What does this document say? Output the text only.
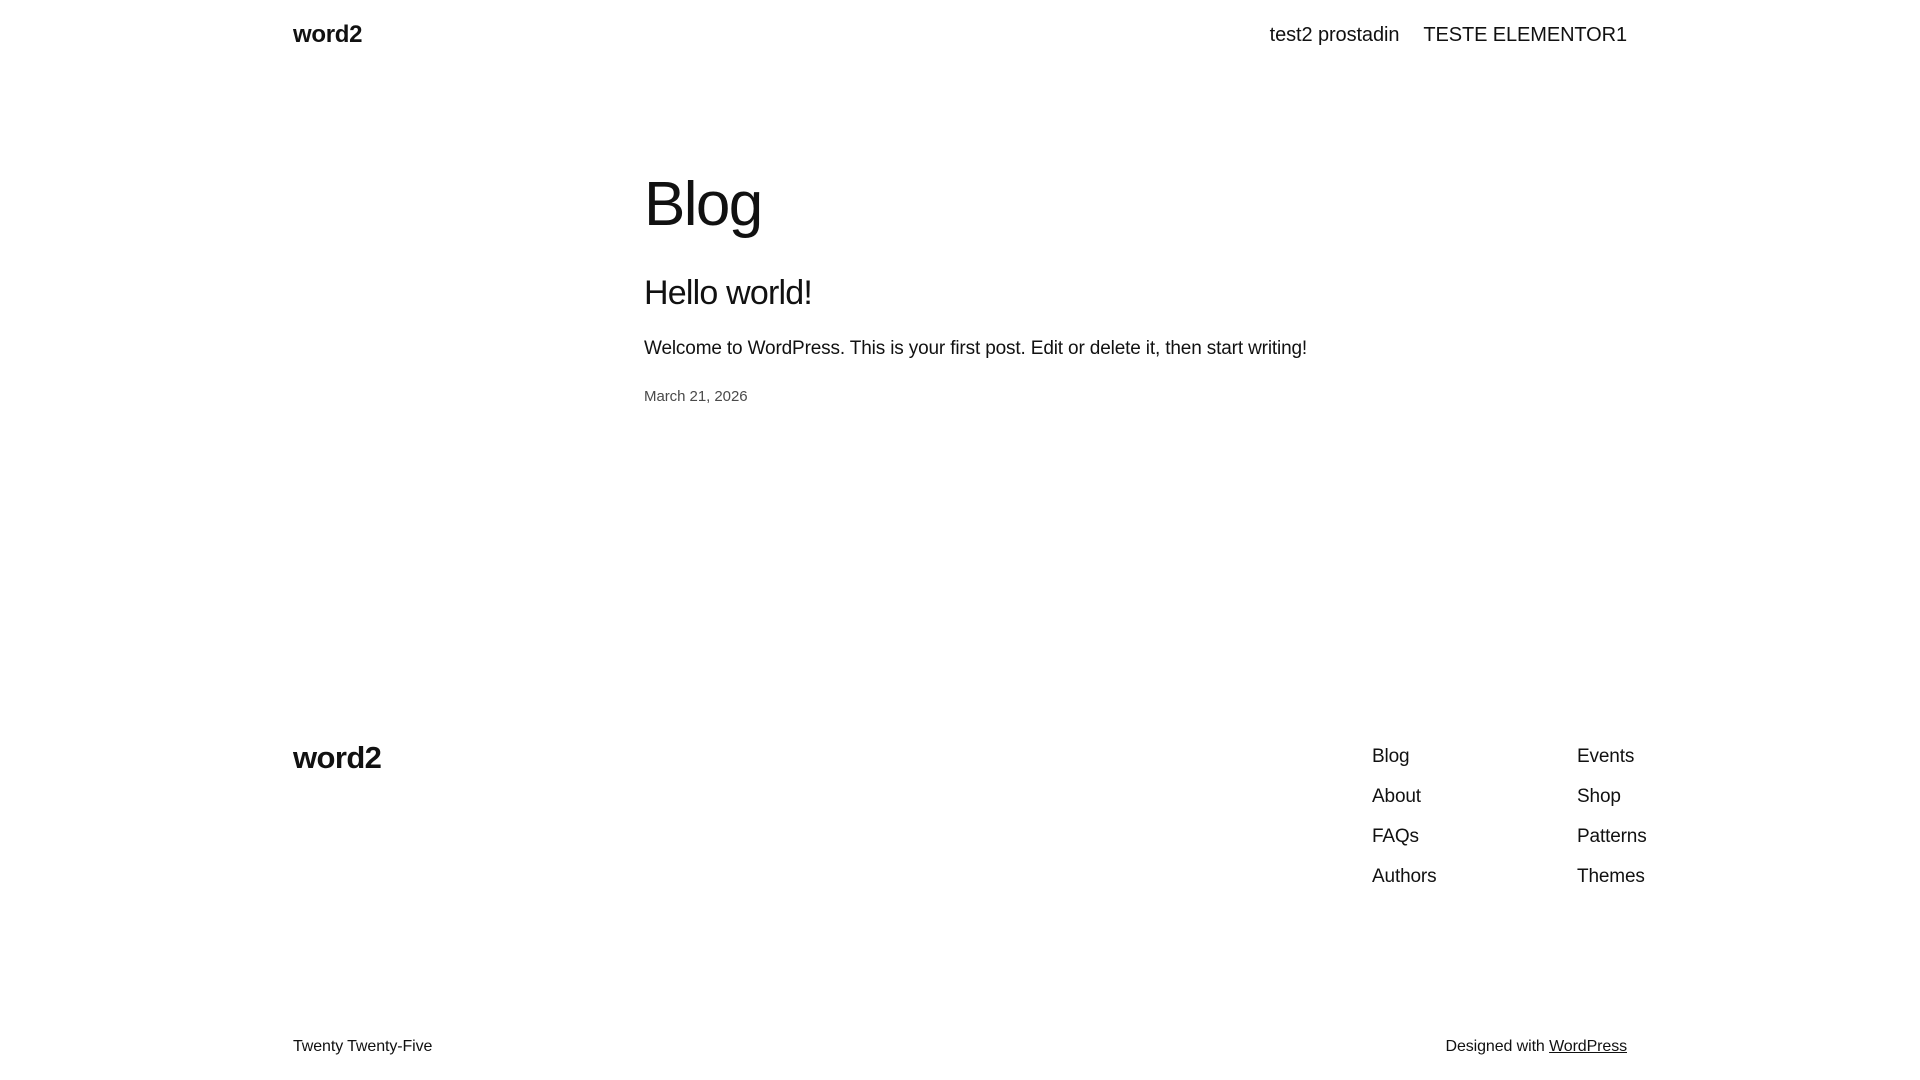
word2	test2 prostadin TESTE ELEMENTOR1
Blog
Hello world!

Welcome to WordPress. This is your first post. Edit or delete it, then start writing!

March 21, 2026
word2	Blog
About
FAQs
Authors
Events
Shop
Patterns
Themes
Twenty Twenty-Five	Designed with WordPress
